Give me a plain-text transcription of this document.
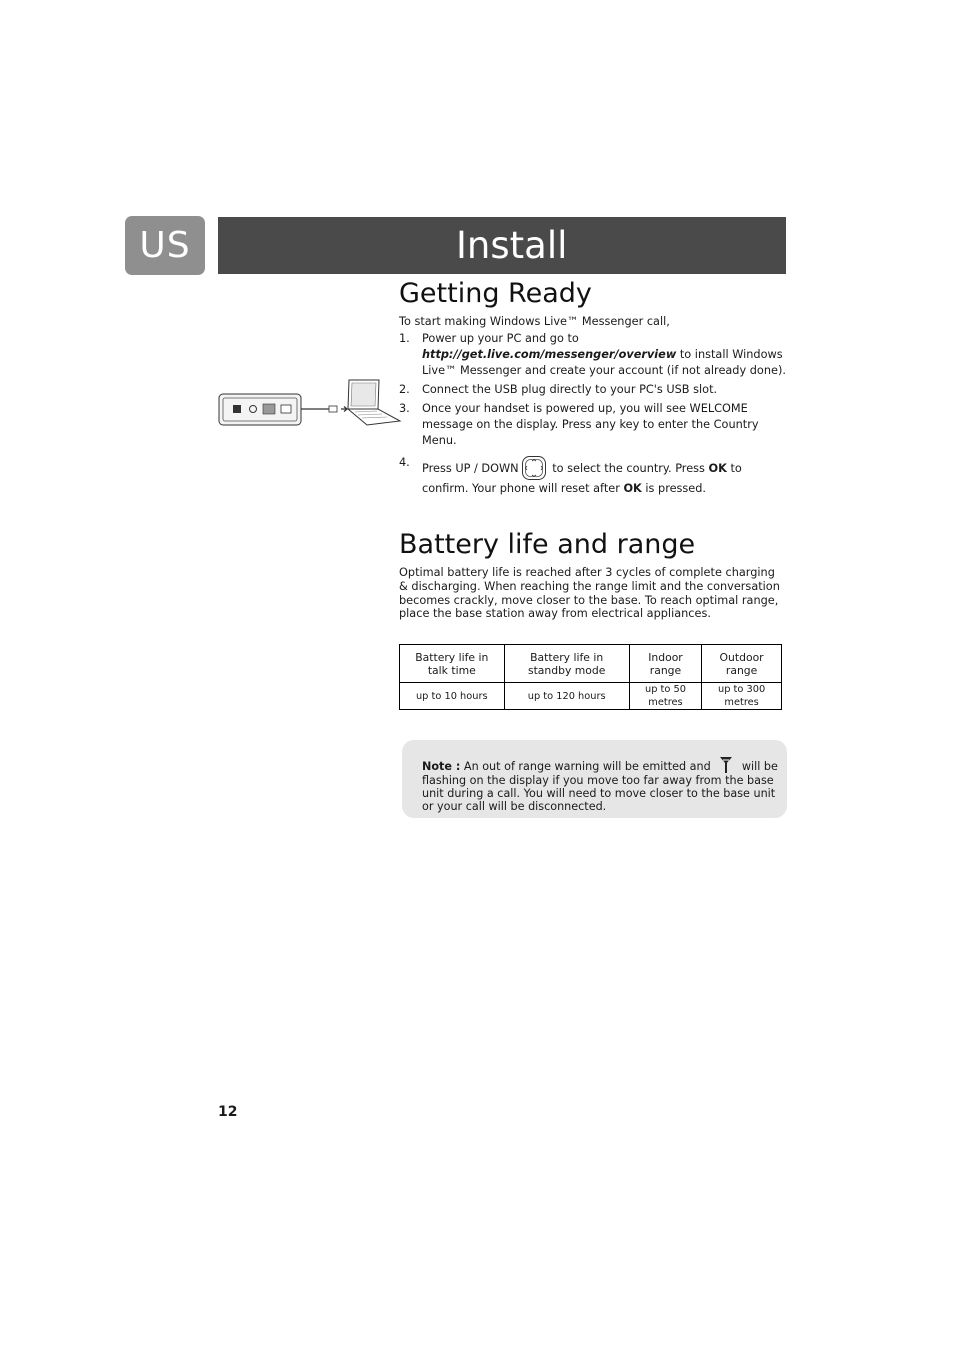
US	Install
Getting Ready

To start making Windows Live™ Messenger call,

1. Power up your PC and go to http://get.live.com/messenger/overview to install Windows Live™ Messenger and create your account (if not already done).
2. Connect the USB plug directly to your PC's USB slot.
3. Once your handset is powered up, you will see WELCOME message on the display. Press any key to enter the Country Menu.
4. Press UP / DOWN	to select the country. Press OK to confirm. Your phone will reset after OK is pressed.
Battery life and range

Optimal battery life is reached after 3 cycles of complete charging & discharging. When reaching the range limit and the conversation becomes crackly, move closer to the base. To reach optimal range, place the base station away from electrical appliances.

Battery life in talk time	Battery life in standby mode	Indoor range	Outdoor range
up to 10 hours	up to 120 hours	up to 50 metres	up to 300 metres
Note : An out of range warning will be emitted and  will be flashing on the display if you move too far away from the base unit during a call. You will need to move closer to the base unit or your call will be disconnected.
12
